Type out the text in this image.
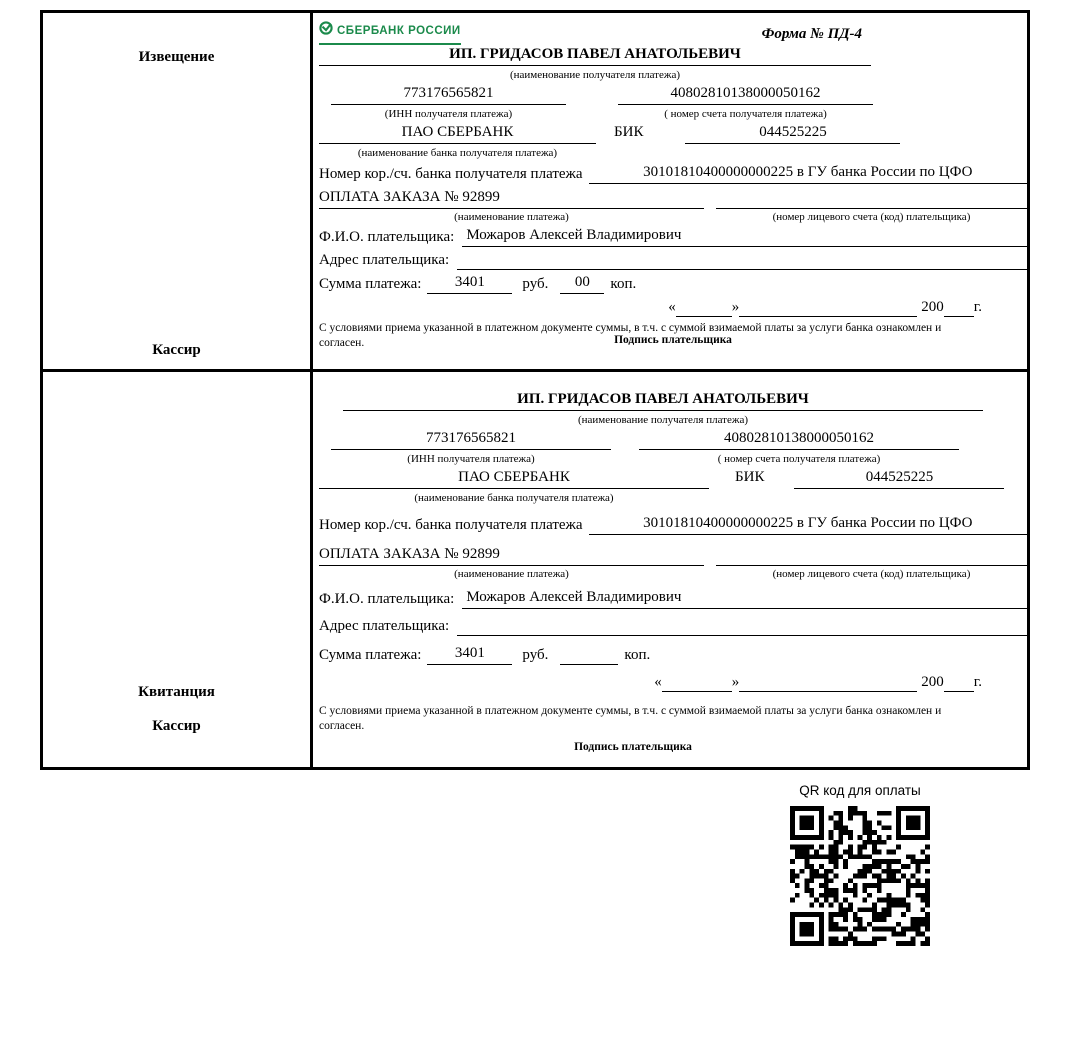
Извещение
Кассир
СБЕРБАНК РОССИИ	Форма № ПД-4
ИП. ГРИДАСОВ ПАВЕЛ АНАТОЛЬЕВИЧ
(наименование получателя платежа)
773176565821
(ИНН получателя платежа)
40802810138000050162
( номер счета получателя платежа)
ПАО СБЕРБАНК
(наименование банка получателя платежа)
БИК	044525225
Номер кор./сч. банка получателя платежа	30101810400000000225 в ГУ банка России по ЦФО
ОПЛАТА ЗАКАЗА № 92899
(наименование платежа)	(номер лицевого счета (код) плательщика)
Ф.И.О. плательщика: Можаров Алексей Владимирович
Адрес плательщика:
Сумма платежа:	3401	руб.	00	коп.
«	»	200 г.
С условиями приема указанной в платежном документе суммы, в т.ч. с суммой взимаемой платы за услуги банка ознакомлен и согласен.	Подпись плательщика
Квитанция
Кассир
ИП. ГРИДАСОВ ПАВЕЛ АНАТОЛЬЕВИЧ
(наименование получателя платежа)
773176565821
(ИНН получателя платежа)
40802810138000050162
( номер счета получателя платежа)
ПАО СБЕРБАНК
(наименование банка получателя платежа)
БИК	044525225
Номер кор./сч. банка получателя платежа	30101810400000000225 в ГУ банка России по ЦФО
ОПЛАТА ЗАКАЗА № 92899
(наименование платежа)	(номер лицевого счета (код) плательщика)
Ф.И.О. плательщика: Можаров Алексей Владимирович
Адрес плательщика:
Сумма платежа:	3401	руб.	коп.
«	»	200 г.
С условиями приема указанной в платежном документе суммы, в т.ч. с суммой взимаемой платы за услуги банка ознакомлен и согласен.
Подпись плательщика
QR код для оплаты
